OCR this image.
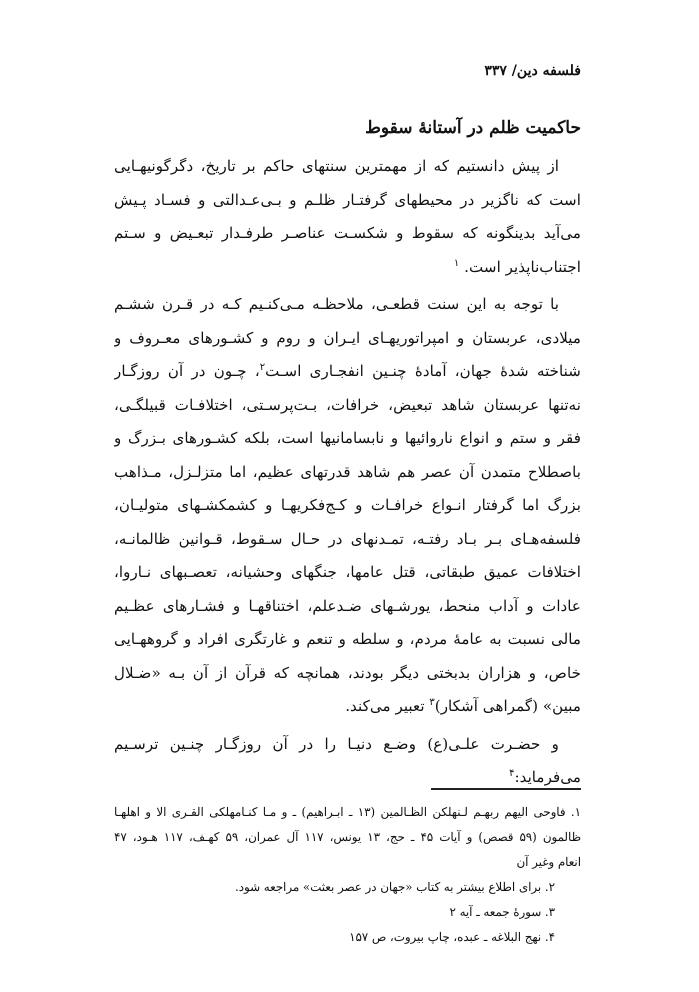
فلسفه دین/ ۳۳۷
حاکمیت ظلم در آستانهٔ سقوط
از پیش دانستیم که از مهمترین سنتهای حاکم بر تاریخ، دگرگونیهـایی
است که ناگزیر در محیطهای گرفتـار ظلـم و بـی‌عـدالتی و فسـاد پـیش
می‌آید بدینگونه که سقوط و شکسـت عناصـر طرفـدار تبعـیض و سـتم
اجتناب‌ناپذیر است. $^۱$
با توجه به این سنت قطعـی، ملاحظـه مـی‌کنـیم کـه در قـرن ششـم
میلادی، عربستان و امپراتوریهـای ایـران و روم و کشـورهای معـروف و
شناخته شدهٔ جهان، آمادهٔ چنـین انفجـاری اسـت$^۲$، چـون در آن روزگـار
نه‌تنها عربستان شاهد تبعیض، خرافات، بـت‌پرسـتی، اختلافـات قبیلگـی،
فقر و ستم و انواع ناروائیها و نابسامانیها است، بلکه کشـورهای بـزرگ و
باصطلاح متمدن آن عصر هم شاهد قدرتهای عظیم، اما متزلـزل، مـذاهب
بزرگ اما گرفتار انـواع خرافـات و کـج‌فکریهـا و کشمکشـهای متولیـان،
فلسفه‌هـای بـر بـاد رفتـه، تمـدنهای در حـال سـقوط، قـوانین ظالمانـه،
اختلافات عمیق طبقاتی، قتل عامها، جنگهای وحشیانه، تعصـبهای نـاروا،
عادات و آداب منحط، یورشـهای ضـدعلم، اختناقهـا و فشـارهای عظـیم
مالی نسبت به عامهٔ مردم، و سلطه و تنعم و غارتگری افراد و گروههـایی
خاص، و هزاران بدبختی دیگر بودند، همانچه که قرآن از آن بـه «ضـلال
مبین» (گمراهی آشکار)$^۳$ تعبیر می‌کند.
و حضـرت علـی(ع) وضـع دنیـا را در آن روزگـار چنـین ترسـیم
می‌فرماید:$^۴$
۱. فاوحی الیهم ربهـم لـنهلکن الظـالمین (۱۳ ـ ابـراهیم) ـ و مـا کنـامهلکی القـری الا و اهلهـا
ظالمون (۵۹ قصص) و آیات ۴۵ ـ حج، ۱۳ یونس، ۱۱۷ آل عمران، ۵۹ کهـف، ۱۱۷ هـود، ۴۷
انعام وغیر آن
۲. برای اطلاع بیشتر به کتاب «جهان در عصر بعثت» مراجعه شود.
۳. سورهٔ جمعه ـ آیه ۲
۴. نهج البلاغه ـ عبده، چاپ بیروت، ص ۱۵۷
